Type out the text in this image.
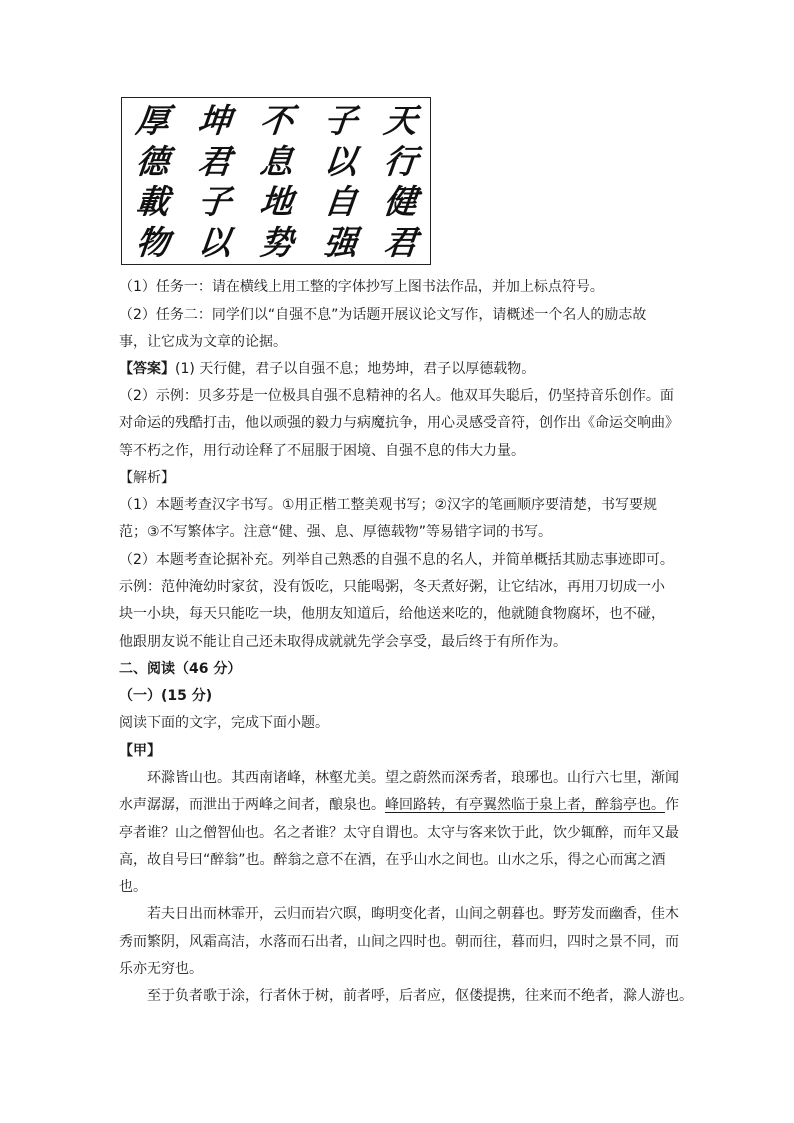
厚
德
載
物
坤
君
子
以
不
息
地
势
子
以
自
强
天
行
健
君
（1）任务一：请在横线上用工整的字体抄写上图书法作品，并加上标点符号。
（2）任务二：同学们以“自强不息”为话题开展议论文写作，请概述一个名人的励志故
事，让它成为文章的论据。
【答案】(1) 天行健，君子以自强不息；地势坤，君子以厚德载物。
（2）示例：贝多芬是一位极具自强不息精神的名人。他双耳失聪后，仍坚持音乐创作。面
对命运的残酷打击，他以顽强的毅力与病魔抗争，用心灵感受音符，创作出《命运交响曲》
等不朽之作，用行动诠释了不屈服于困境、自强不息的伟大力量。
【解析】
（1）本题考查汉字书写。①用正楷工整美观书写；②汉字的笔画顺序要清楚，书写要规
范；③不写繁体字。注意“健、强、息、厚德载物”等易错字词的书写。
（2）本题考查论据补充。列举自己熟悉的自强不息的名人，并简单概括其励志事迹即可。
示例：范仲淹幼时家贫，没有饭吃，只能喝粥，冬天煮好粥，让它结冰，再用刀切成一小
块一小块，每天只能吃一块，他朋友知道后，给他送来吃的，他就随食物腐坏，也不碰，
他跟朋友说不能让自己还未取得成就就先学会享受，最后终于有所作为。
二、阅读（46 分）
（一）(15 分)
阅读下面的文字，完成下面小题。
【甲】
环滁皆山也。其西南诸峰，林壑尤美。望之蔚然而深秀者，琅琊也。山行六七里，渐闻
水声潺潺，而泄出于两峰之间者，酿泉也。峰回路转，有亭翼然临于泉上者，醉翁亭也。作
亭者谁？山之僧智仙也。名之者谁？太守自谓也。太守与客来饮于此，饮少辄醉，而年又最
高，故自号曰“醉翁”也。醉翁之意不在酒，在乎山水之间也。山水之乐，得之心而寓之酒
也。
若夫日出而林霏开，云归而岩穴暝，晦明变化者，山间之朝暮也。野芳发而幽香，佳木
秀而繁阴，风霜高洁，水落而石出者，山间之四时也。朝而往，暮而归，四时之景不同，而
乐亦无穷也。
至于负者歌于涂，行者休于树，前者呼，后者应，伛偻提携，往来而不绝者，滁人游也。
